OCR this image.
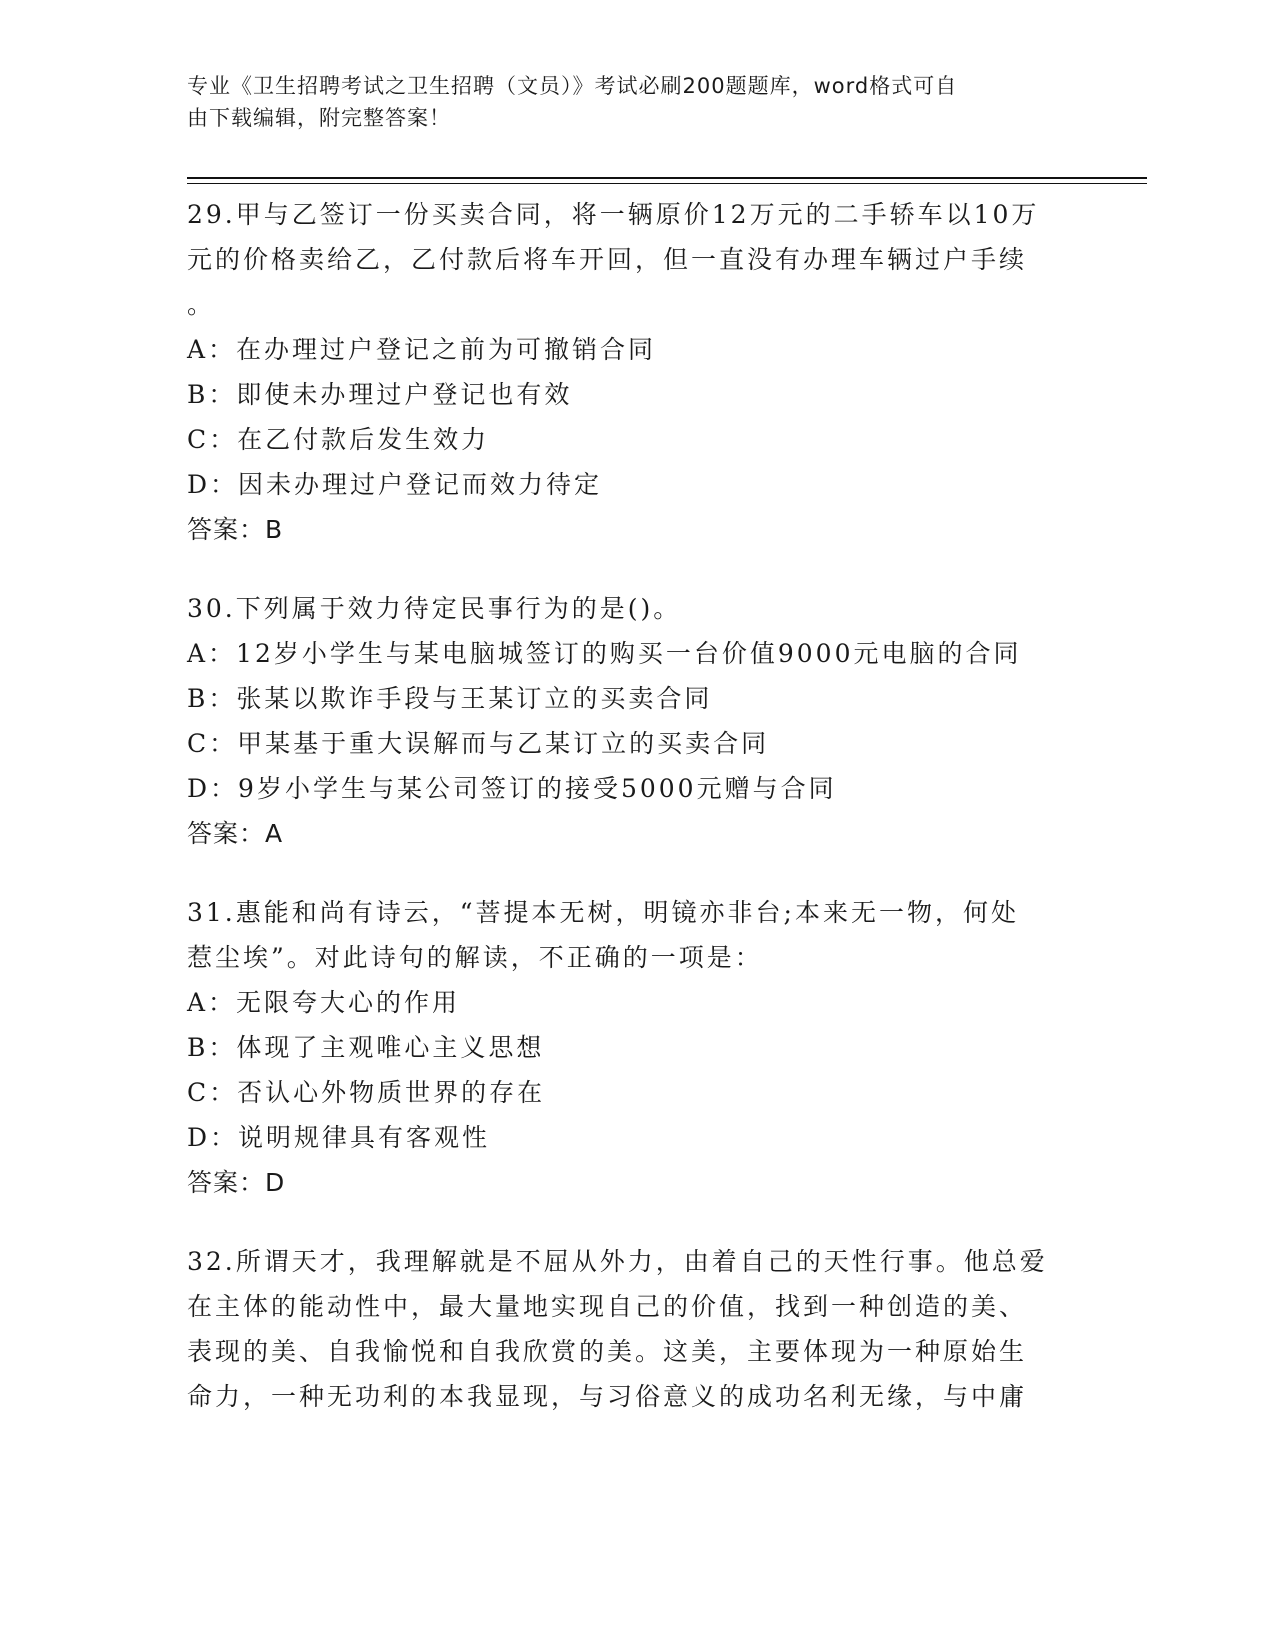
专业《卫生招聘考试之卫生招聘（文员）》考试必刷200题题库，word格式可自
由下载编辑，附完整答案！

29.甲与乙签订一份买卖合同，将一辆原价12万元的二手轿车以10万

元的价格卖给乙，乙付款后将车开回，但一直没有办理车辆过户手续

。

A：在办理过户登记之前为可撤销合同

B：即使未办理过户登记也有效

C：在乙付款后发生效力

D：因未办理过户登记而效力待定

答案：B

30.下列属于效力待定民事行为的是()。

A：12岁小学生与某电脑城签订的购买一台价值9000元电脑的合同

B：张某以欺诈手段与王某订立的买卖合同

C：甲某基于重大误解而与乙某订立的买卖合同

D：9岁小学生与某公司签订的接受5000元赠与合同

答案：A

31.惠能和尚有诗云，“菩提本无树，明镜亦非台;本来无一物，何处

惹尘埃”。对此诗句的解读，不正确的一项是：

A：无限夸大心的作用

B：体现了主观唯心主义思想

C：否认心外物质世界的存在

D：说明规律具有客观性

答案：D

32.所谓天才，我理解就是不屈从外力，由着自己的天性行事。他总爱

在主体的能动性中，最大量地实现自己的价值，找到一种创造的美、

表现的美、自我愉悦和自我欣赏的美。这美，主要体现为一种原始生

命力，一种无功利的本我显现，与习俗意义的成功名利无缘，与中庸
